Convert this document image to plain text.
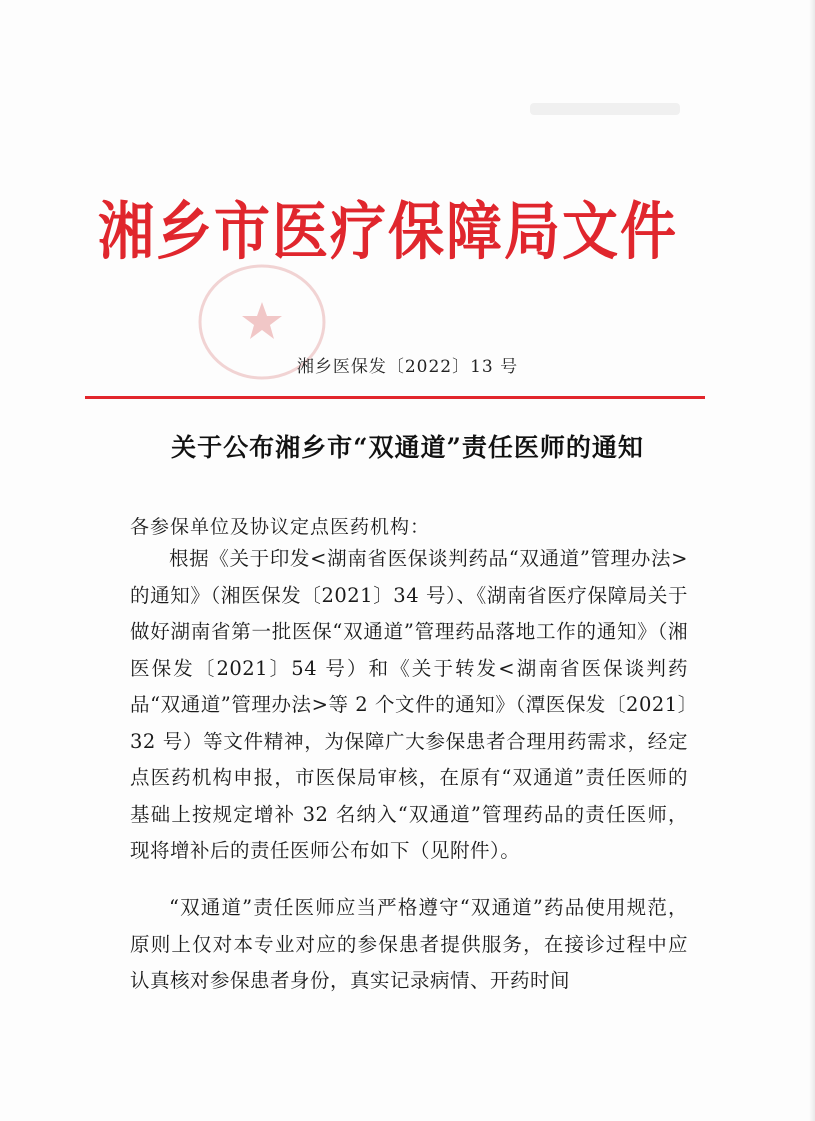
湘乡市医疗保障局文件
湘乡医保发〔2022〕13 号
关于公布湘乡市“双通道”责任医师的通知
各参保单位及协议定点医药机构：

根据《关于印发<湖南省医保谈判药品“双通道”管理办法>的通知》（湘医保发〔2021〕34 号）、《湖南省医疗保障局关于做好湖南省第一批医保“双通道”管理药品落地工作的通知》（湘医保发〔2021〕54 号）和《关于转发<湖南省医保谈判药品“双通道”管理办法>等 2 个文件的通知》（潭医保发〔2021〕32 号）等文件精神，为保障广大参保患者合理用药需求，经定点医药机构申报，市医保局审核，在原有“双通道”责任医师的基础上按规定增补 32 名纳入“双通道”管理药品的责任医师，现将增补后的责任医师公布如下（见附件）。

“双通道”责任医师应当严格遵守“双通道”药品使用规范，原则上仅对本专业对应的参保患者提供服务，在接诊过程中应认真核对参保患者身份，真实记录病情、开药时间
